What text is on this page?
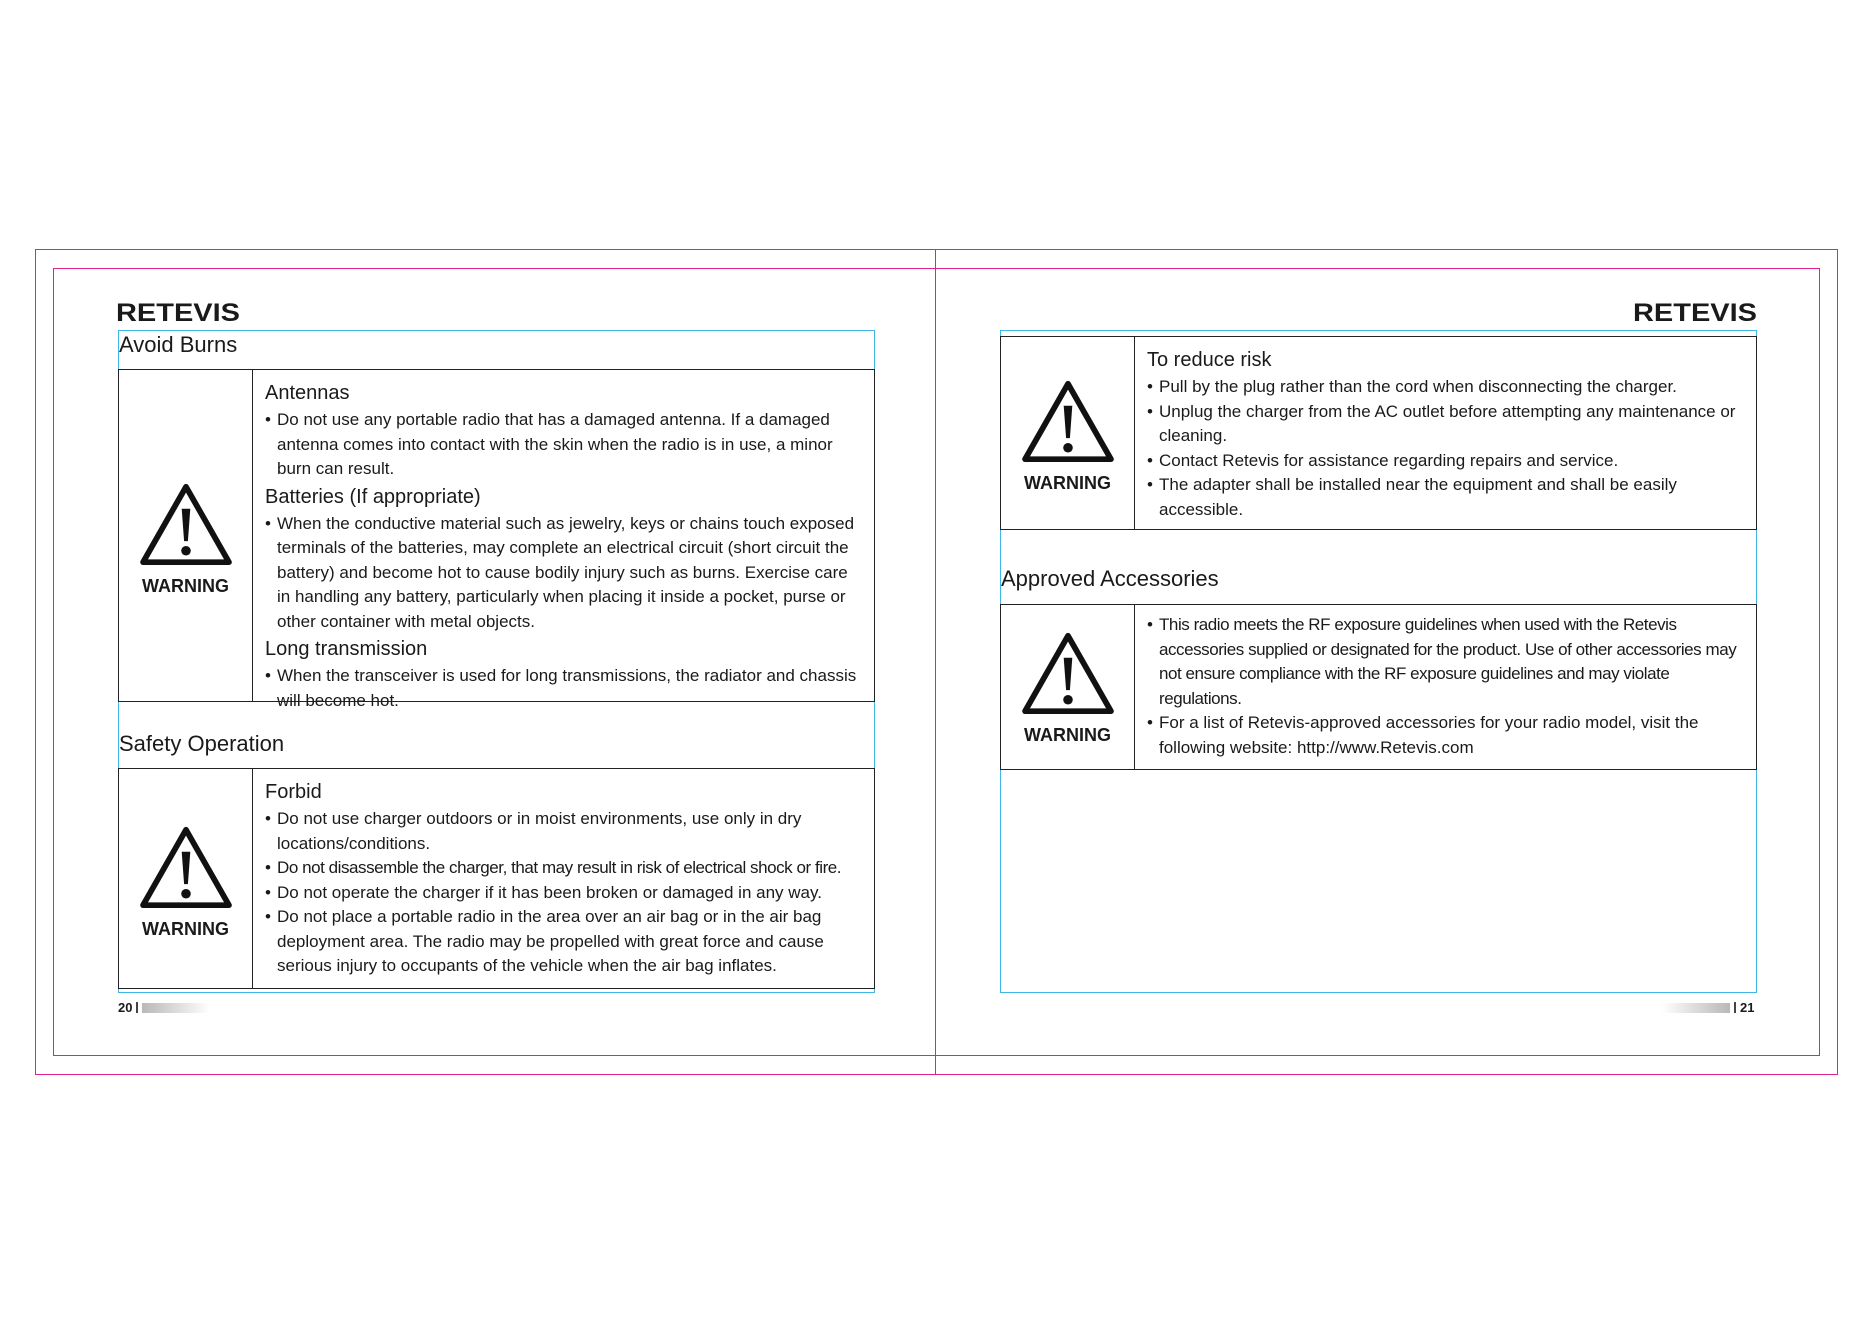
RETEVIS	RETEVIS
Avoid Burns
WARNING
Antennas
• Do not use any portable radio that has a damaged antenna. If a damaged antenna comes into contact with the skin when the radio is in use, a minor burn can result.
Batteries (If appropriate)
• When the conductive material such as jewelry, keys or chains touch exposed terminals of the batteries, may complete an electrical circuit (short circuit the battery) and become hot to cause bodily injury such as burns. Exercise care in handling any battery, particularly when placing it inside a pocket, purse or other container with metal objects.
Long transmission
• When the transceiver is used for long transmissions, the radiator and chassis will become hot.
Safety Operation
WARNING
Forbid
• Do not use charger outdoors or in moist environments, use only in dry locations/conditions.
• Do not disassemble the charger, that may result in risk of electrical shock or fire.
• Do not operate the charger if it has been broken or damaged in any way.
• Do not place a portable radio in the area over an air bag or in the air bag deployment area. The radio may be propelled with great force and cause serious injury to occupants of the vehicle when the air bag inflates.
20
WARNING
To reduce risk
• Pull by the plug rather than the cord when disconnecting the charger.
• Unplug the charger from the AC outlet before attempting any maintenance or cleaning.
• Contact Retevis for assistance regarding repairs and service.
• The adapter shall be installed near the equipment and shall be easily accessible.
Approved Accessories
WARNING
• This radio meets the RF exposure guidelines when used with the Retevis accessories supplied or designated for the product. Use of other accessories may not ensure compliance with the RF exposure guidelines and may violate regulations.
• For a list of Retevis-approved accessories for your radio model, visit the following website: http://www.Retevis.com
21
